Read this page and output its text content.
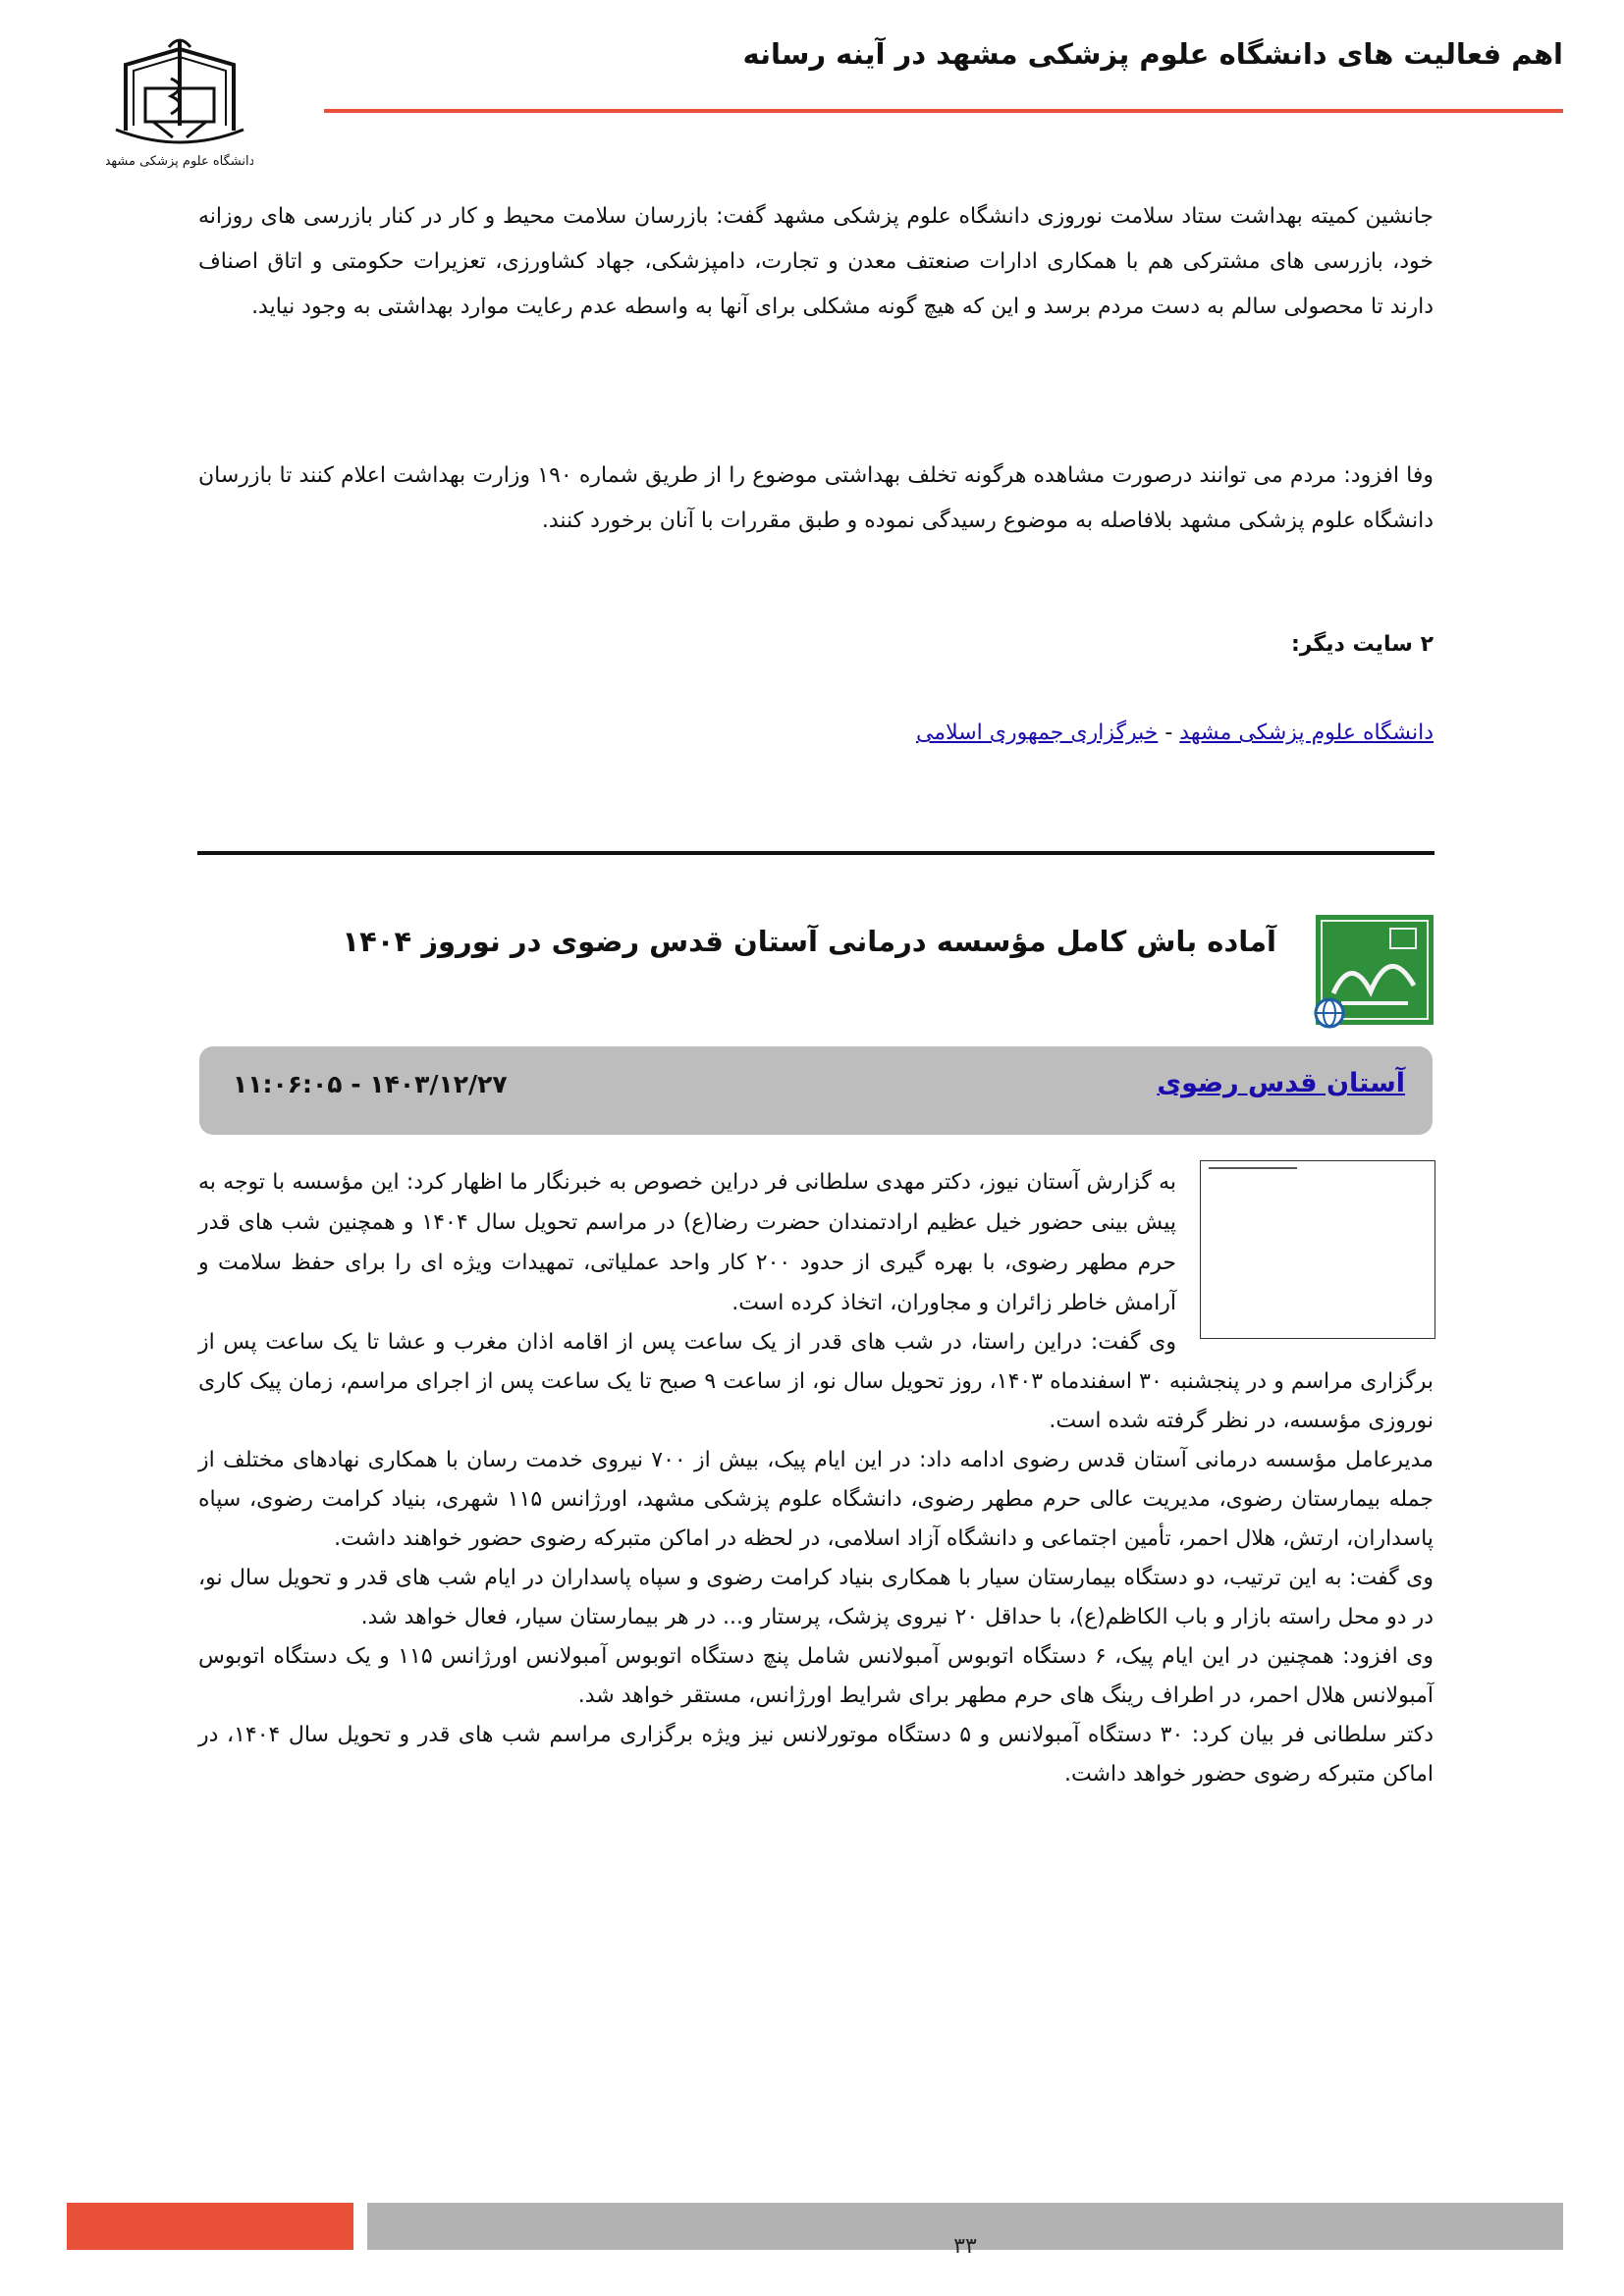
اهم فعالیت های دانشگاه علوم پزشکی مشهد در آینه رسانه
دانشگاه علوم پزشکی مشهد

جانشین کمیته بهداشت ستاد سلامت نوروزی دانشگاه علوم پزشکی مشهد گفت: بازرسان سلامت محیط و کار در کنار بازرسی های روزانه خود، بازرسی های مشترکی هم با همکاری ادارات صنعتف معدن و تجارت، دامپزشکی، جهاد کشاورزی، تعزیرات حکومتی و اتاق اصناف دارند تا محصولی سالم به دست مردم برسد و این که هیچ گونه مشکلی برای آنها به واسطه عدم رعایت موارد بهداشتی به وجود نیاید.

وفا افزود: مردم می توانند درصورت مشاهده هرگونه تخلف بهداشتی موضوع را از طریق شماره ۱۹۰ وزارت بهداشت اعلام کنند تا بازرسان دانشگاه علوم پزشکی مشهد بلافاصله به موضوع رسیدگی نموده و طبق مقررات با آنان برخورد کنند.

۲ سایت دیگر:
دانشگاه علوم پزشکی مشهد - خبرگزاری جمهوری اسلامی
آماده باش کامل مؤسسه درمانی آستان قدس رضوی در نوروز ۱۴۰۴
آستان قدس رضوی
۱۴۰۳/۱۲/۲۷ - ۱۱:۰۶:۰۵

به گزارش آستان نیوز، دکتر مهدی سلطانی فر دراین خصوص به خبرنگار ما اظهار کرد: این مؤسسه با توجه به پیش بینی حضور خیل عظیم ارادتمندان حضرت رضا(ع) در مراسم تحویل سال ۱۴۰۴ و همچنین شب های قدر حرم مطهر رضوی، با بهره گیری از حدود ۲۰۰ کار واحد عملیاتی، تمهیدات ویژه ای را برای حفظ سلامت و آرامش خاطر زائران و مجاوران، اتخاذ کرده است.

وی گفت: دراین راستا، در شب های قدر از یک ساعت پس از اقامه اذان مغرب و عشا تا یک ساعت پس از برگزاری مراسم و در پنجشنبه ۳۰ اسفندماه ۱۴۰۳، روز تحویل سال نو، از ساعت ۹ صبح تا یک ساعت پس از اجرای مراسم، زمان پیک کاری نوروزی مؤسسه، در نظر گرفته شده است.

مدیرعامل مؤسسه درمانی آستان قدس رضوی ادامه داد: در این ایام پیک، بیش از ۷۰۰ نیروی خدمت رسان با همکاری نهادهای مختلف از جمله بیمارستان رضوی، مدیریت عالی حرم مطهر رضوی، دانشگاه علوم پزشکی مشهد، اورژانس ۱۱۵ شهری، بنیاد کرامت رضوی، سپاه پاسداران، ارتش، هلال احمر، تأمین اجتماعی و دانشگاه آزاد اسلامی، در لحظه در اماکن متبرکه رضوی حضور خواهند داشت.

وی گفت: به این ترتیب، دو دستگاه بیمارستان سیار با همکاری بنیاد کرامت رضوی و سپاه پاسداران در ایام شب های قدر و تحویل سال نو، در دو محل راسته بازار و باب الکاظم(ع)، با حداقل ۲۰ نیروی پزشک، پرستار و... در هر بیمارستان سیار، فعال خواهد شد.

وی افزود: همچنین در این ایام پیک، ۶ دستگاه اتوبوس آمبولانس شامل پنچ دستگاه اتوبوس آمبولانس اورژانس ۱۱۵ و یک دستگاه اتوبوس آمبولانس هلال احمر، در اطراف رینگ های حرم مطهر برای شرایط اورژانس، مستقر خواهد شد.

دکتر سلطانی فر بیان کرد: ۳۰ دستگاه آمبولانس و ۵ دستگاه موتورلانس نیز ویژه برگزاری مراسم شب های قدر و تحویل سال ۱۴۰۴، در اماکن متبرکه رضوی حضور خواهد داشت.

۳۳
